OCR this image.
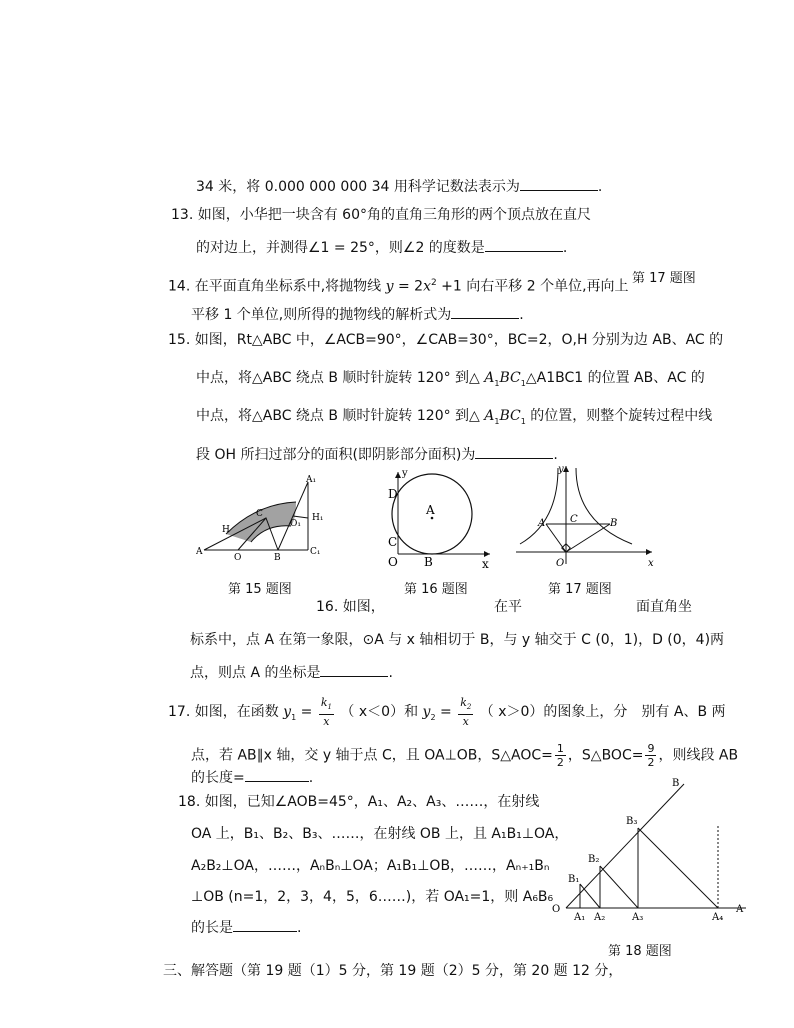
34 米，将 0.000 000 000 34 用科学记数法表示为	.
13. 如图，小华把一块含有 60°角的直角三角形的两个顶点放在直尺
的对边上，并测得∠1 = 25°，则∠2 的度数是	.
14. 在平面直角坐标系中,将抛物线 $y = 2x^2 +1$ 向右平移 2 个单位,再向上
第 17 题图
平移 1 个单位,则所得的抛物线的解析式为	.
15. 如图，Rt△ABC 中，∠ACB=90°，∠CAB=30°，BC=2，O,H 分别为边 AB、AC 的
中点，将△ABC 绕点 B 顺时针旋转 120° 到△ $A_1BC_1\triangle A1BC1$ 的位置 AB、AC 的
中点，将△ABC 绕点 B 顺时针旋转 120° 到△ $A_1BC_1$ 的位置，则整个旋转过程中线
段 OH 所扫过部分的面积(即阴影部分面积)为	.
A
H
C
O	B
A₁
O₁
H₁
C₁
第 15 题图
y
D
A
C
O B	x
第 16 题图
y
A C	B
O	x
第 17 题图
16. 如图，	在平	面直角坐
标系中，点 A 在第一象限，⊙A 与 x 轴相切于 B，与 y 轴交于 C (0，1)，D (0，4)两
点，则点 A 的坐标是	.
17. 如图，在函数 $y_1 = \frac{k_1}{x}$ （ x＜0）和 $y_2 = \frac{k_2}{x}$ （ x＞0）的图象上，分　别有 A、B 两
点，若 AB∥x 轴，交 y 轴于点 C，且 OA⊥OB，S△AOC= $\frac{1}{2}$ ，S△BOC= $\frac{9}{2}$ ，则线段 AB
的长度=	.
18. 如图，已知∠AOB=45°，A₁、A₂、A₃、……，在射线
OA 上，B₁、B₂、B₃、……，在射线 OB 上，且 A₁B₁⊥OA，
A₂B₂⊥OA，……，AₙBₙ⊥OA；A₁B₁⊥OB，……，Aₙ₊₁Bₙ
⊥OB (n=1，2，3，4，5，6……)，若 OA₁=1，则 A₆B₆
的长是	.
B
B₃
B₂
B₁
O
A₁ A₂	A₃	A₄
A
第 18 题图
三、解答题（第 19 题（1）5 分，第 19 题（2）5 分，第 20 题 12 分，
